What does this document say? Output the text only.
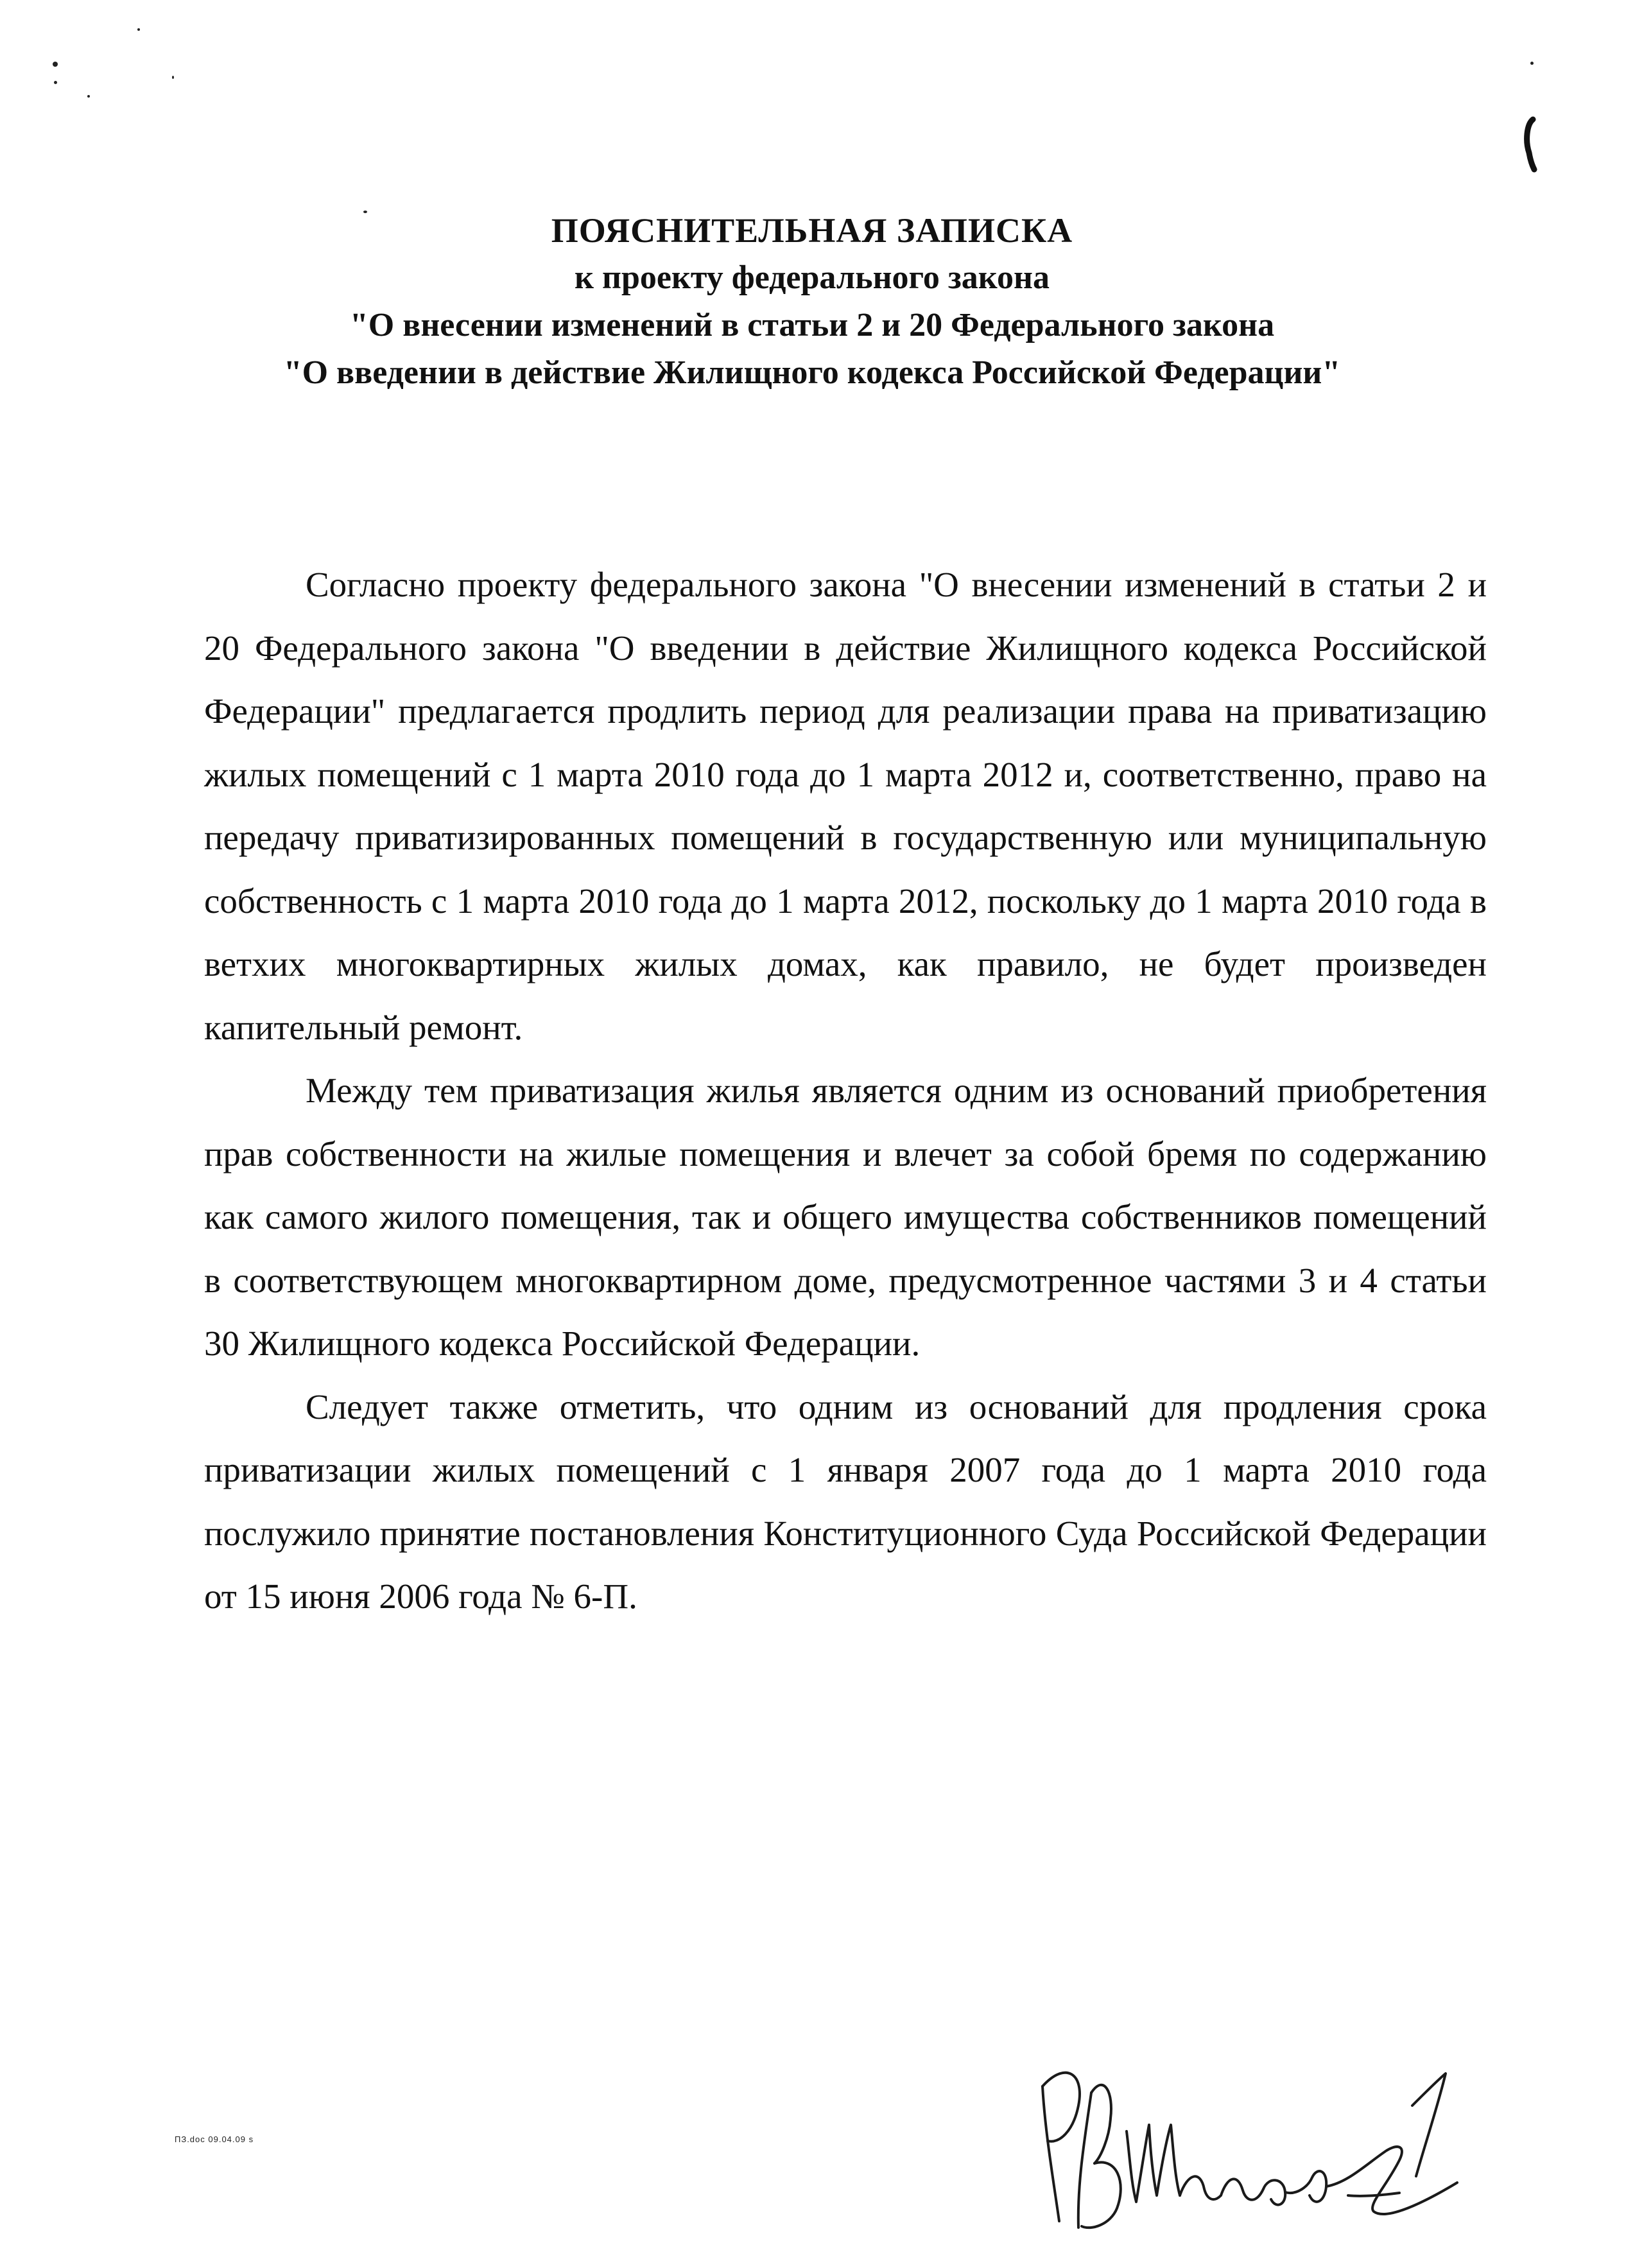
ПОЯСНИТЕЛЬНАЯ ЗАПИСКА
к проекту федерального закона
"О внесении изменений в статьи 2 и 20 Федерального закона
"О введении в действие Жилищного кодекса Российской Федерации"

Согласно проекту федерального закона "О внесении изменений в статьи 2 и 20 Федерального закона "О введении в действие Жилищного кодекса Российской Федерации" предлагается продлить период для реализации права на приватизацию жилых помещений с 1 марта 2010 года до 1 марта 2012 и, соответственно, право на передачу приватизированных помещений в государственную или муниципальную собственность с 1 марта 2010 года до 1 марта 2012, поскольку до 1 марта 2010 года в ветхих многоквартирных жилых домах, как правило, не будет произведен капительный ремонт.

Между тем приватизация жилья является одним из оснований приобретения прав собственности на жилые помещения и влечет за собой бремя по содержанию как самого жилого помещения, так и общего имущества собственников помещений в соответствующем многоквартирном доме, предусмотренное частями 3 и 4 статьи 30 Жилищного кодекса Российской Федерации.

Следует также отметить, что одним из оснований для продления срока приватизации жилых помещений с 1 января 2007 года до 1 марта 2010 года послужило принятие постановления Конституционного Суда Российской Федерации от 15 июня 2006 года № 6-П.

ПЗ.doc 09.04.09 s
